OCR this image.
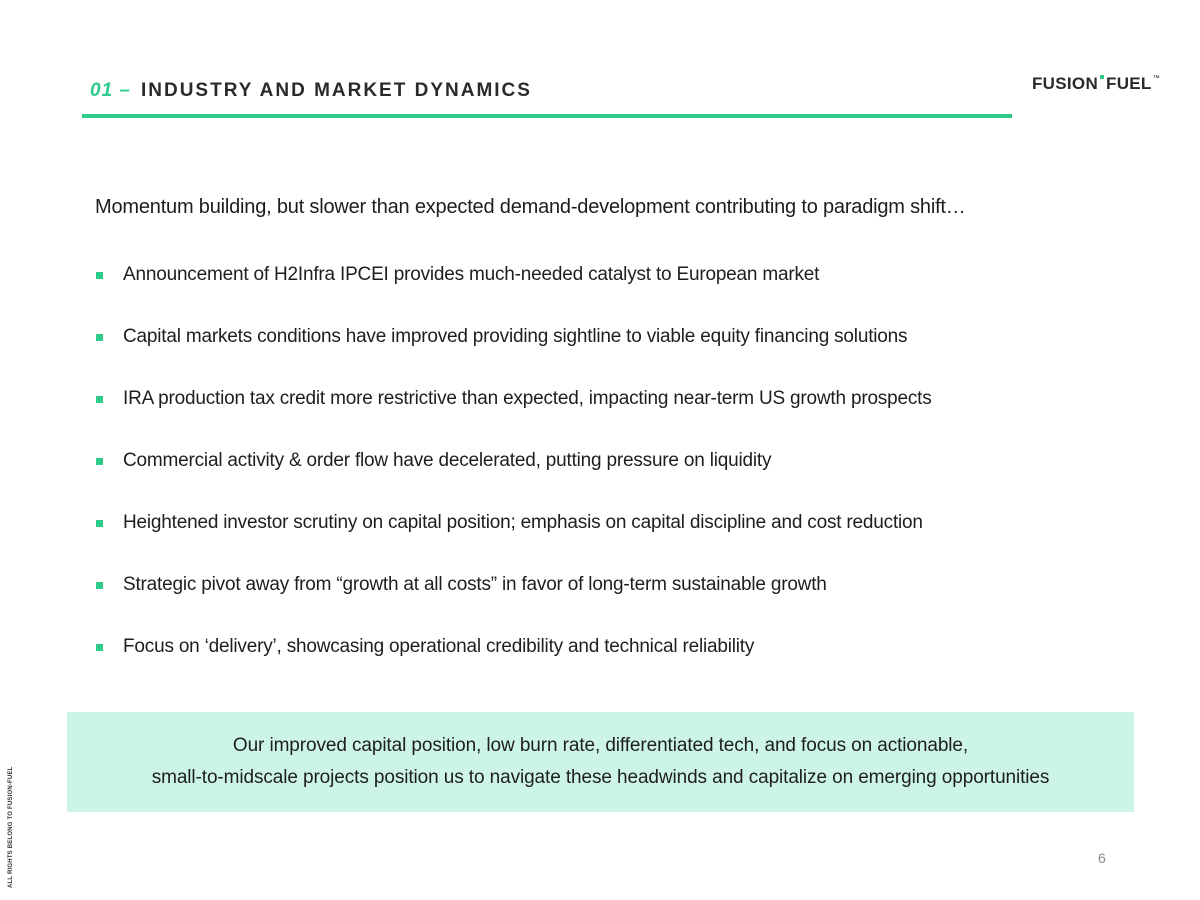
01 – INDUSTRY AND MARKET DYNAMICS	FUSION FUEL ™
Momentum building, but slower than expected demand-development contributing to paradigm shift…
Announcement of H2Infra IPCEI provides much-needed catalyst to European market
Capital markets conditions have improved providing sightline to viable equity financing solutions
IRA production tax credit more restrictive than expected, impacting near-term US growth prospects
Commercial activity & order flow have decelerated, putting pressure on liquidity
Heightened investor scrutiny on capital position; emphasis on capital discipline and cost reduction
Strategic pivot away from “growth at all costs” in favor of long-term sustainable growth
Focus on ‘delivery’, showcasing operational credibility and technical reliability
Our improved capital position, low burn rate, differentiated tech, and focus on actionable,
small-to-midscale projects position us to navigate these headwinds and capitalize on emerging opportunities
6
ALL RIGHTS BELONG TO FUSION-FUEL
